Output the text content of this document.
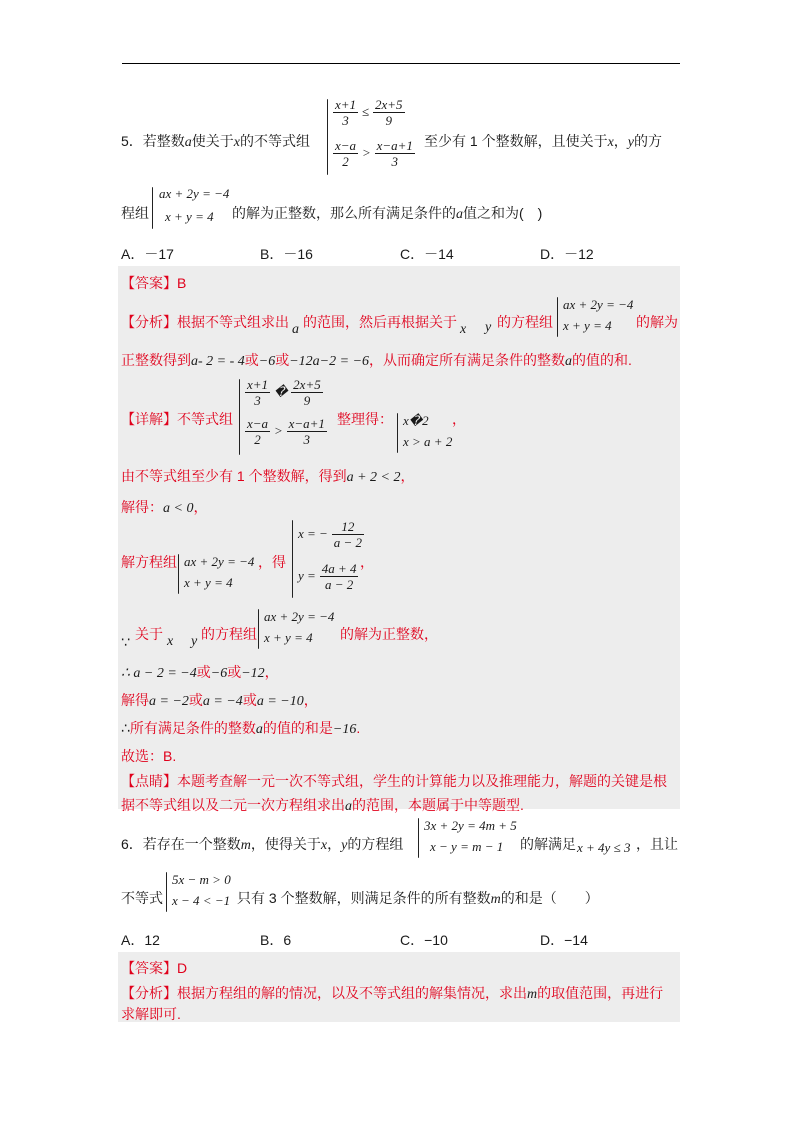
5．若整数a使关于x的不等式组
$\frac{x+1}{3} \le \frac{2x+5}{9}$
$\frac{x-a}{2} > \frac{x-a+1}{3}$ 至少有 1 个整数解，且使关于x，y的方
程组
ax + 2y = −4
x + y = 4 的解为正整数，那么所有满足条件的a值之和为(　)
A．－17	B．－16	C．－14	D．－12
【答案】B
【分析】根据不等式组求出 a 的范围，然后再根据关于 x y 的方程组
ax + 2y = −4
x + y = 4 的解为
正整数得到a- 2 = - 4或−6或−12a−2 = −6，从而确定所有满足条件的整数a的值的和.
【详解】不等式组
$\frac{x+1}{3}$ � $\frac{2x+5}{9}$
$\frac{x-a}{2} > \frac{x-a+1}{3}$ 整理得： x�2
x > a + 2
，
由不等式组至少有 1 个整数解，得到a + 2 < 2，
解得：a < 0，
解方程组 ax + 2y = −4
x + y = 4
，得
x = − $\frac{12}{a - 2}$
$y = \frac{4a + 4}{a - 2}$ ，
∵ 关于 x y 的方程组
ax + 2y = −4
x + y = 4 的解为正整数，
∴ a − 2 = −4或−6或−12，
解得a = −2或a = −4或a = −10，
∴所有满足条件的整数a的值的和是−16.
故选：B.
【点睛】本题考查解一元一次不等式组，学生的计算能力以及推理能力，解题的关键是根
据不等式组以及二元一次方程组求出a的范围，本题属于中等题型.
6．若存在一个整数m，使得关于x，y的方程组
3x + 2y = 4m + 5
x − y = m − 1 的解满足 x + 4y ≤ 3 ，且让
不等式
5x − m > 0
x − 4 < −1 只有 3 个整数解，则满足条件的所有整数m的和是（　　）
A．12	B．6	C．−10	D．−14
【答案】D
【分析】根据方程组的解的情况，以及不等式组的解集情况，求出m的取值范围，再进行
求解即可.
